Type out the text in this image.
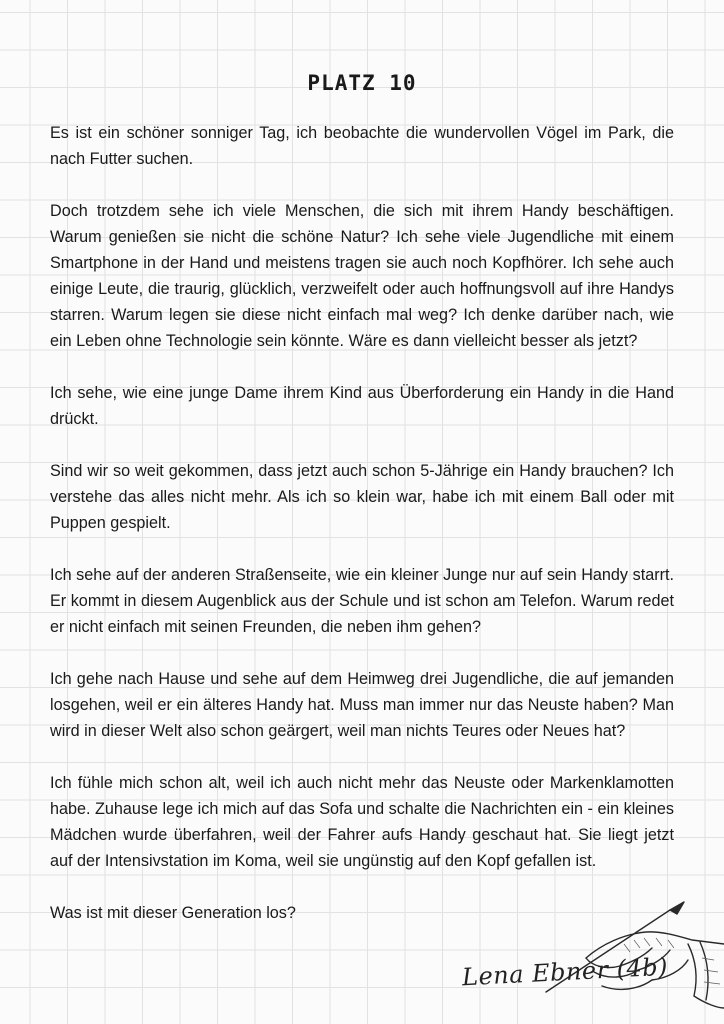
PLATZ 10

Es ist ein schöner sonniger Tag, ich beobachte die wundervollen Vögel im Park, die nach Futter suchen.

Doch trotzdem sehe ich viele Menschen, die sich mit ihrem Handy beschäftigen. Warum genießen sie nicht die schöne Natur? Ich sehe viele Jugendliche mit einem Smartphone in der Hand und meistens tragen sie auch noch Kopfhörer. Ich sehe auch einige Leute, die traurig, glücklich, verzweifelt oder auch hoffnungsvoll auf ihre Handys starren. Warum legen sie diese nicht einfach mal weg? Ich denke darüber nach, wie ein Leben ohne Technologie sein könnte. Wäre es dann vielleicht besser als jetzt?

Ich sehe, wie eine junge Dame ihrem Kind aus Überforderung ein Handy in die Hand drückt.

Sind wir so weit gekommen, dass jetzt auch schon 5-Jährige ein Handy brauchen? Ich verstehe das alles nicht mehr. Als ich so klein war, habe ich mit einem Ball oder mit Puppen gespielt.

Ich sehe auf der anderen Straßenseite, wie ein kleiner Junge nur auf sein Handy starrt. Er kommt in diesem Augenblick aus der Schule und ist schon am Telefon. Warum redet er nicht einfach mit seinen Freunden, die neben ihm gehen?

Ich gehe nach Hause und sehe auf dem Heimweg drei Jugendliche, die auf jemanden losgehen, weil er ein älteres Handy hat. Muss man immer nur das Neuste haben? Man wird in dieser Welt also schon geärgert, weil man nichts Teures oder Neues hat?

Ich fühle mich schon alt, weil ich auch nicht mehr das Neuste oder Markenklamotten habe. Zuhause lege ich mich auf das Sofa und schalte die Nachrichten ein - ein kleines Mädchen wurde überfahren, weil der Fahrer aufs Handy geschaut hat. Sie liegt jetzt auf der Intensivstation im Koma, weil sie ungünstig auf den Kopf gefallen ist.

Was ist mit dieser Generation los?

Lena Ebner (4b)
